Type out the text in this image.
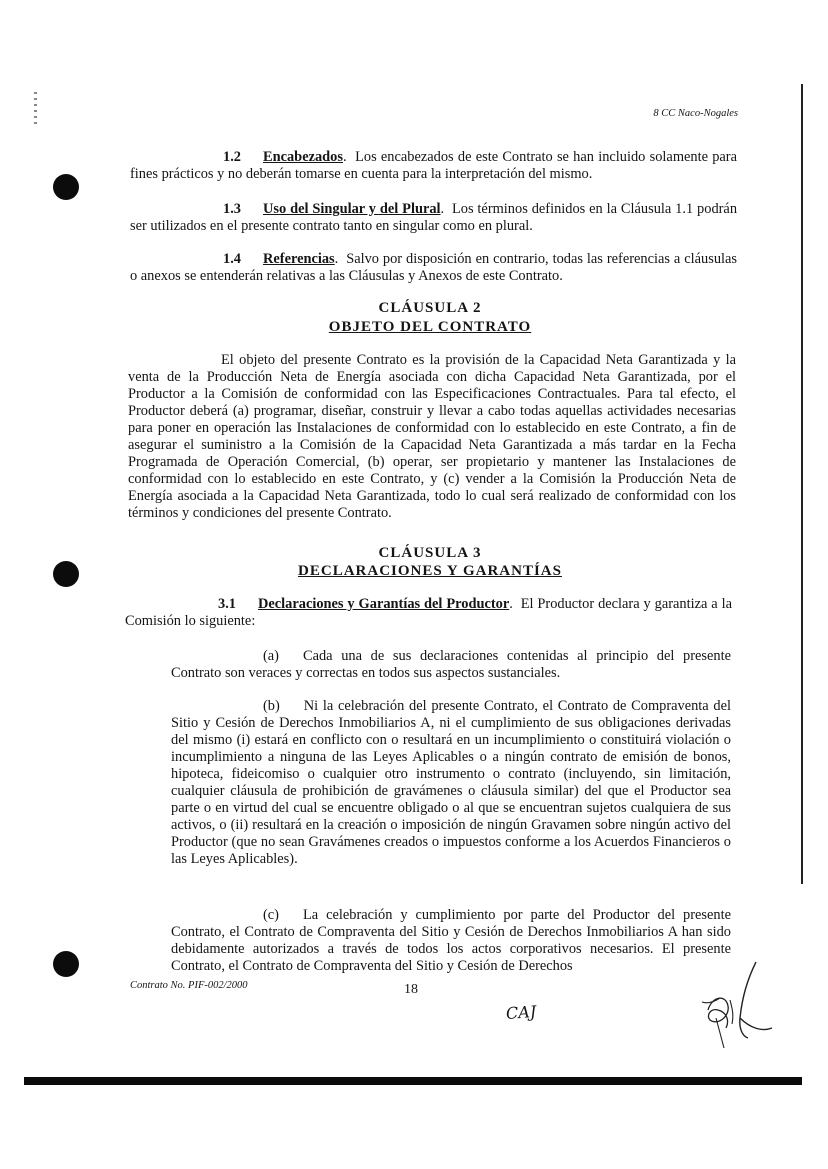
8 CC Naco-Nogales
1.2 Encabezados.  Los encabezados de este Contrato se han incluido solamente para fines prácticos y no deberán tomarse en cuenta para la interpretación del mismo.
1.3 Uso del Singular y del Plural.  Los términos definidos en la Cláusula 1.1 podrán ser utilizados en el presente contrato tanto en singular como en plural.
1.4 Referencias.  Salvo por disposición en contrario, todas las referencias a cláusulas o anexos se entenderán relativas a las Cláusulas y Anexos de este Contrato.
CLÁUSULA 2
OBJETO DEL CONTRATO
El objeto del presente Contrato es la provisión de la Capacidad Neta Garantizada y la venta de la Producción Neta de Energía asociada con dicha Capacidad Neta Garantizada, por el Productor a la Comisión de conformidad con las Especificaciones Contractuales. Para tal efecto, el Productor deberá (a) programar, diseñar, construir y llevar a cabo todas aquellas actividades necesarias para poner en operación las Instalaciones de conformidad con lo establecido en este Contrato, a fin de asegurar el suministro a la Comisión de la Capacidad Neta Garantizada a más tardar en la Fecha Programada de Operación Comercial, (b) operar, ser propietario y mantener las Instalaciones de conformidad con lo establecido en este Contrato, y (c) vender a la Comisión la Producción Neta de Energía asociada a la Capacidad Neta Garantizada, todo lo cual será realizado de conformidad con los términos y condiciones del presente Contrato.
CLÁUSULA 3
DECLARACIONES Y GARANTÍAS
3.1 Declaraciones y Garantías del Productor.  El Productor declara y garantiza a la Comisión lo siguiente:
(a) Cada una de sus declaraciones contenidas al principio del presente Contrato son veraces y correctas en todos sus aspectos sustanciales.
(b) Ni la celebración del presente Contrato, el Contrato de Compraventa del Sitio y Cesión de Derechos Inmobiliarios A, ni el cumplimiento de sus obligaciones derivadas del mismo (i) estará en conflicto con o resultará en un incumplimiento o constituirá violación o incumplimiento a ninguna de las Leyes Aplicables o a ningún contrato de emisión de bonos, hipoteca, fideicomiso o cualquier otro instrumento o contrato (incluyendo, sin limitación, cualquier cláusula de prohibición de gravámenes o cláusula similar) del que el Productor sea parte o en virtud del cual se encuentre obligado o al que se encuentran sujetos cualquiera de sus activos, o (ii) resultará en la creación o imposición de ningún Gravamen sobre ningún activo del Productor (que no sean Gravámenes creados o impuestos conforme a los Acuerdos Financieros o las Leyes Aplicables).
(c) La celebración y cumplimiento por parte del Productor del presente Contrato, el Contrato de Compraventa del Sitio y Cesión de Derechos Inmobiliarios A han sido debidamente autorizados a través de todos los actos corporativos necesarios. El presente Contrato, el Contrato de Compraventa del Sitio y Cesión de Derechos
Contrato No. PIF-002/2000	18
CAJ
